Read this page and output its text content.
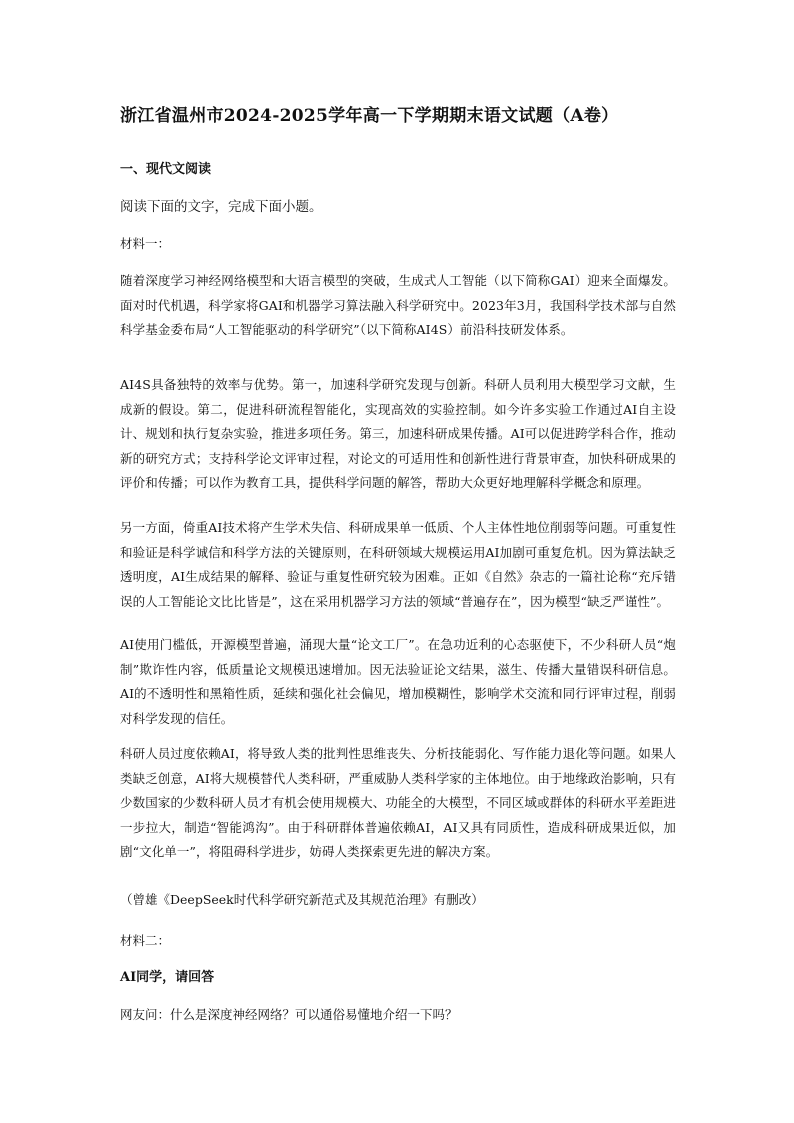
浙江省温州市2024-2025学年高一下学期期末语文试题（A卷）
一、现代文阅读
阅读下面的文字，完成下面小题。
材料一：
随着深度学习神经网络模型和大语言模型的突破，生成式人工智能（以下简称GAI）迎来全面爆发。面对时代机遇，科学家将GAI和机器学习算法融入科学研究中。2023年3月，我国科学技术部与自然科学基金委布局“人工智能驱动的科学研究”（以下简称AI4S）前沿科技研发体系。
AI4S具备独特的效率与优势。第一，加速科学研究发现与创新。科研人员利用大模型学习文献，生成新的假设。第二，促进科研流程智能化，实现高效的实验控制。如今许多实验工作通过AI自主设计、规划和执行复杂实验，推进多项任务。第三，加速科研成果传播。AI可以促进跨学科合作，推动新的研究方式；支持科学论文评审过程，对论文的可适用性和创新性进行背景审查，加快科研成果的评价和传播；可以作为教育工具，提供科学问题的解答，帮助大众更好地理解科学概念和原理。
另一方面，倚重AI技术将产生学术失信、科研成果单一低质、个人主体性地位削弱等问题。可重复性和验证是科学诚信和科学方法的关键原则，在科研领域大规模运用AI加剧可重复危机。因为算法缺乏透明度，AI生成结果的解释、验证与重复性研究较为困难。正如《自然》杂志的一篇社论称“充斥错误的人工智能论文比比皆是”，这在采用机器学习方法的领域“普遍存在”，因为模型“缺乏严谨性”。
AI使用门槛低，开源模型普遍，涌现大量“论文工厂”。在急功近利的心态驱使下，不少科研人员“炮制”欺诈性内容，低质量论文规模迅速增加。因无法验证论文结果，滋生、传播大量错误科研信息。AI的不透明性和黑箱性质，延续和强化社会偏见，增加模糊性，影响学术交流和同行评审过程，削弱对科学发现的信任。
科研人员过度依赖AI，将导致人类的批判性思维丧失、分析技能弱化、写作能力退化等问题。如果人类缺乏创意，AI将大规模替代人类科研，严重威胁人类科学家的主体地位。由于地缘政治影响，只有少数国家的少数科研人员才有机会使用规模大、功能全的大模型，不同区域或群体的科研水平差距进一步拉大，制造“智能鸿沟”。由于科研群体普遍依赖AI，AI又具有同质性，造成科研成果近似，加剧“文化单一”，将阻碍科学进步，妨碍人类探索更先进的解决方案。
（曾雄《DeepSeek时代科学研究新范式及其规范治理》有删改）
材料二：
AI同学，请回答
网友问：什么是深度神经网络？可以通俗易懂地介绍一下吗？
